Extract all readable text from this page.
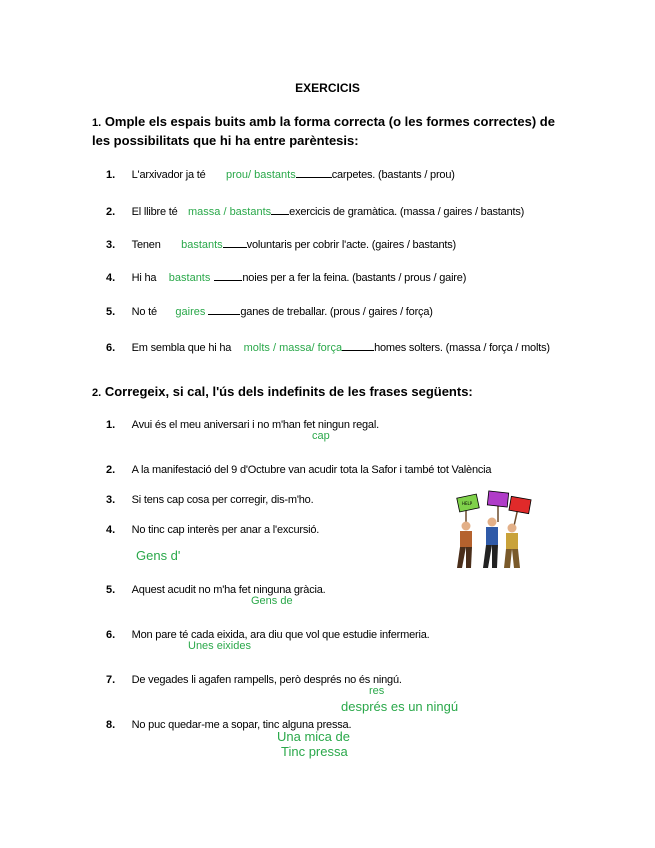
EXERCICIS
1. Omple els espais buits amb la forma correcta (o les formes correctes) de les possibilitats que hi ha entre parèntesis:
1. L'arxivador ja té prou/ bastants	carpetes. (bastants / prou)
2. El llibre té massa / bastants exercicis de gramàtica. (massa / gaires / bastants)
3. Tenen bastants voluntaris per cobrir l'acte. (gaires / bastants)
4. Hi ha bastants	noies per a fer la feina. (bastants / prous / gaire)
5. No té gaires	ganes de treballar. (prous / gaires / força)
6. Em sembla que hi ha molts / massa/ força	homes solters. (massa / força / molts)
2. Corregeix, si cal, l'ús dels indefinits de les frases següents:
1. Avui és el meu aniversari i no m'han fet ningun regal.
cap
2. A la manifestació del 9 d'Octubre van acudir tota la Safor i també tot València
3. Si tens cap cosa per corregir, dis-m'ho.
4. No tinc cap interès per anar a l'excursió.
Gens d'
5. Aquest acudit no m'ha fet ninguna gràcia.
Gens de
6. Mon pare té cada eixida, ara diu que vol que estudie infermeria.
Unes eixides
7. De vegades li agafen rampells, però després no és ningú.
res
després es un ningú
8. No puc quedar-me a sopar, tinc alguna pressa.
Una mica de
Tinc pressa
HELP
